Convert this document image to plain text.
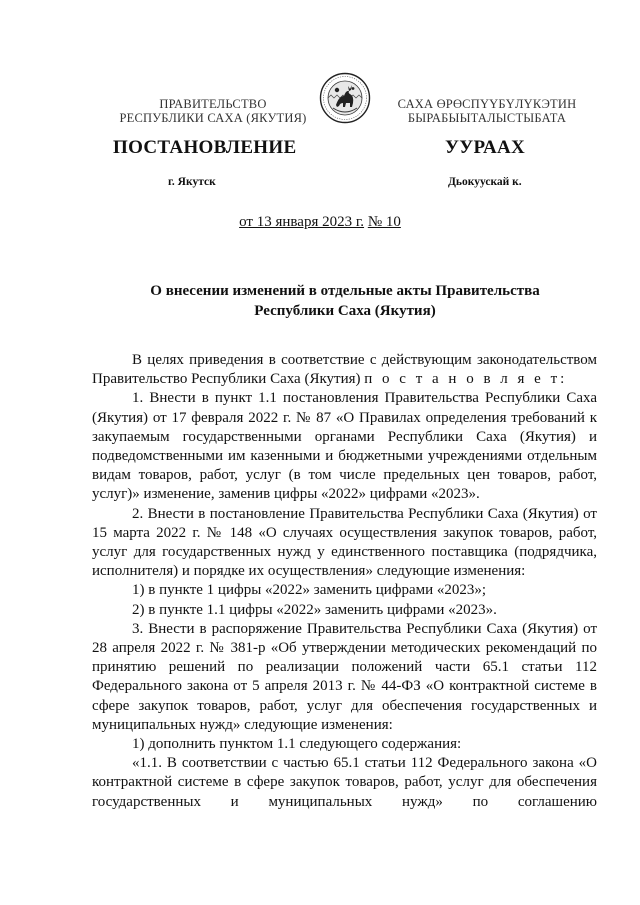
ПРАВИТЕЛЬСТВО
РЕСПУБЛИКИ САХА (ЯКУТИЯ)
САХА ӨРӨСПYYБYЛYКЭТИН
БЫРАБЫЫТАЛЫСТЫБАТА
ПОСТАНОВЛЕНИЕ	УУРААХ
г. Якутск	Дьокуускай к.
от 13 января 2023 г. № 10
О внесении изменений в отдельные акты Правительства
Республики Саха (Якутия)

В целях приведения в соответствие с действующим законодательством Правительство Республики Саха (Якутия) п о с т а н о в л я е т:

1. Внести в пункт 1.1 постановления Правительства Республики Саха (Якутия) от 17 февраля 2022 г. № 87 «О Правилах определения требований к закупаемым государственными органами Республики Саха (Якутия) и подведомственными им казенными и бюджетными учреждениями отдельным видам товаров, работ, услуг (в том числе предельных цен товаров, работ, услуг)» изменение, заменив цифры «2022» цифрами «2023».

2. Внести в постановление Правительства Республики Саха (Якутия) от 15 марта 2022 г. № 148 «О случаях осуществления закупок товаров, работ, услуг для государственных нужд у единственного поставщика (подрядчика, исполнителя) и порядке их осуществления» следующие изменения:

1) в пункте 1 цифры «2022» заменить цифрами «2023»;

2) в пункте 1.1 цифры «2022» заменить цифрами «2023».

3. Внести в распоряжение Правительства Республики Саха (Якутия) от 28 апреля 2022 г. № 381-р «Об утверждении методических рекомендаций по принятию решений по реализации положений части 65.1 статьи 112 Федерального закона от 5 апреля 2013 г. № 44-ФЗ «О контрактной системе в сфере закупок товаров, работ, услуг для обеспечения государственных и муниципальных нужд» следующие изменения:

1) дополнить пунктом 1.1 следующего содержания:

«1.1. В соответствии с частью 65.1 статьи 112 Федерального закона «О контрактной системе в сфере закупок товаров, работ, услуг для обеспечения государственных и муниципальных нужд» по соглашению
